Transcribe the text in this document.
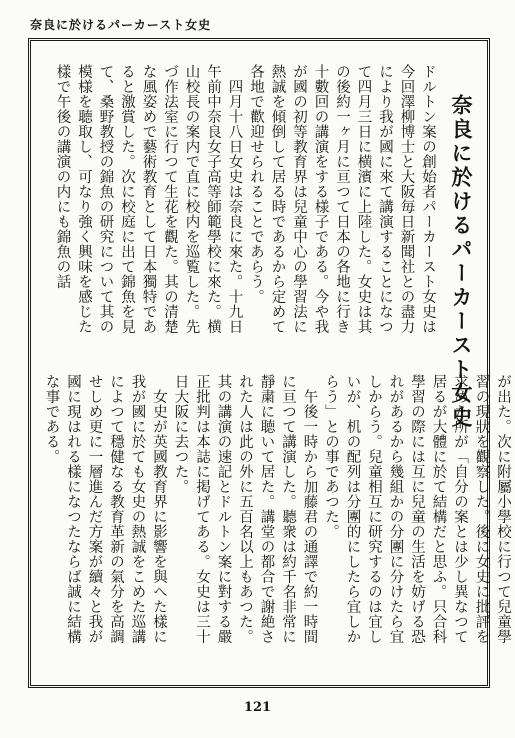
奈良に於けるパーカースト女史
奈良に於けるパーカースト女史

ドルトン案の創始者パーカースト女史は今回澤柳博士と大阪毎日新聞社との盡力により我が國に來て講演することになつて四月三日に横濱に上陸した。女史は其の後約一ヶ月に亘つて日本の各地に行き十數回の講演をする様子である。今や我が國の初等教育界は兒童中心の學習法に熱誠を傾倒して居る時であるから定めて各地で歡迎せられることであらう。

四月十八日女史は奈良に來た。十九日午前中奈良女子高等師範學校に來た。横山校長の案内で直に校内を巡覧した。先づ作法室に行つて生花を觀た。其の清楚な風姿めで藝術教育として日本獨特であると激賞した。次に校庭に出て錦魚を見て、桑野教授の錦魚の研究について其の模様を聴取し、可なり強く興味を感じた樣で午後の講演の内にも錦魚の話

が出た。次に附屬小學校に行つて兒童學習の現狀を觀察した。後に女史に批評を求めた所が「自分の案とは少し異なつて居るが大體に於て結構だと思ふ。只合科學習の際には互に兒童の生活を妨げる恐れがあるから幾組かの分團に分けたら宜しからう。兒童相互に研究するのは宜しいが、机の配列は分團的にしたら宜しからう」との事であつた。

午後一時から加藤君の通譯で約一時間に亘つて講演した。聽衆は約千名非常に靜粛に聴いて居た。講堂の都合で謝絶された人は此の外に五百名以上もあつた。其の講演の速記とドルトン案に對する嚴正批判は本誌に掲げてある。女史は三十日大阪に去つた。

女史が英國教育界に影響を與へた樣に我が國に於ても女史の熱誠をこめた巡講によつて穩健なる教育革新の氣分を高調せしめ更に一層進んだ方案が續々と我が國に現はれる樣になつたならば誠に結構な事である。

121
